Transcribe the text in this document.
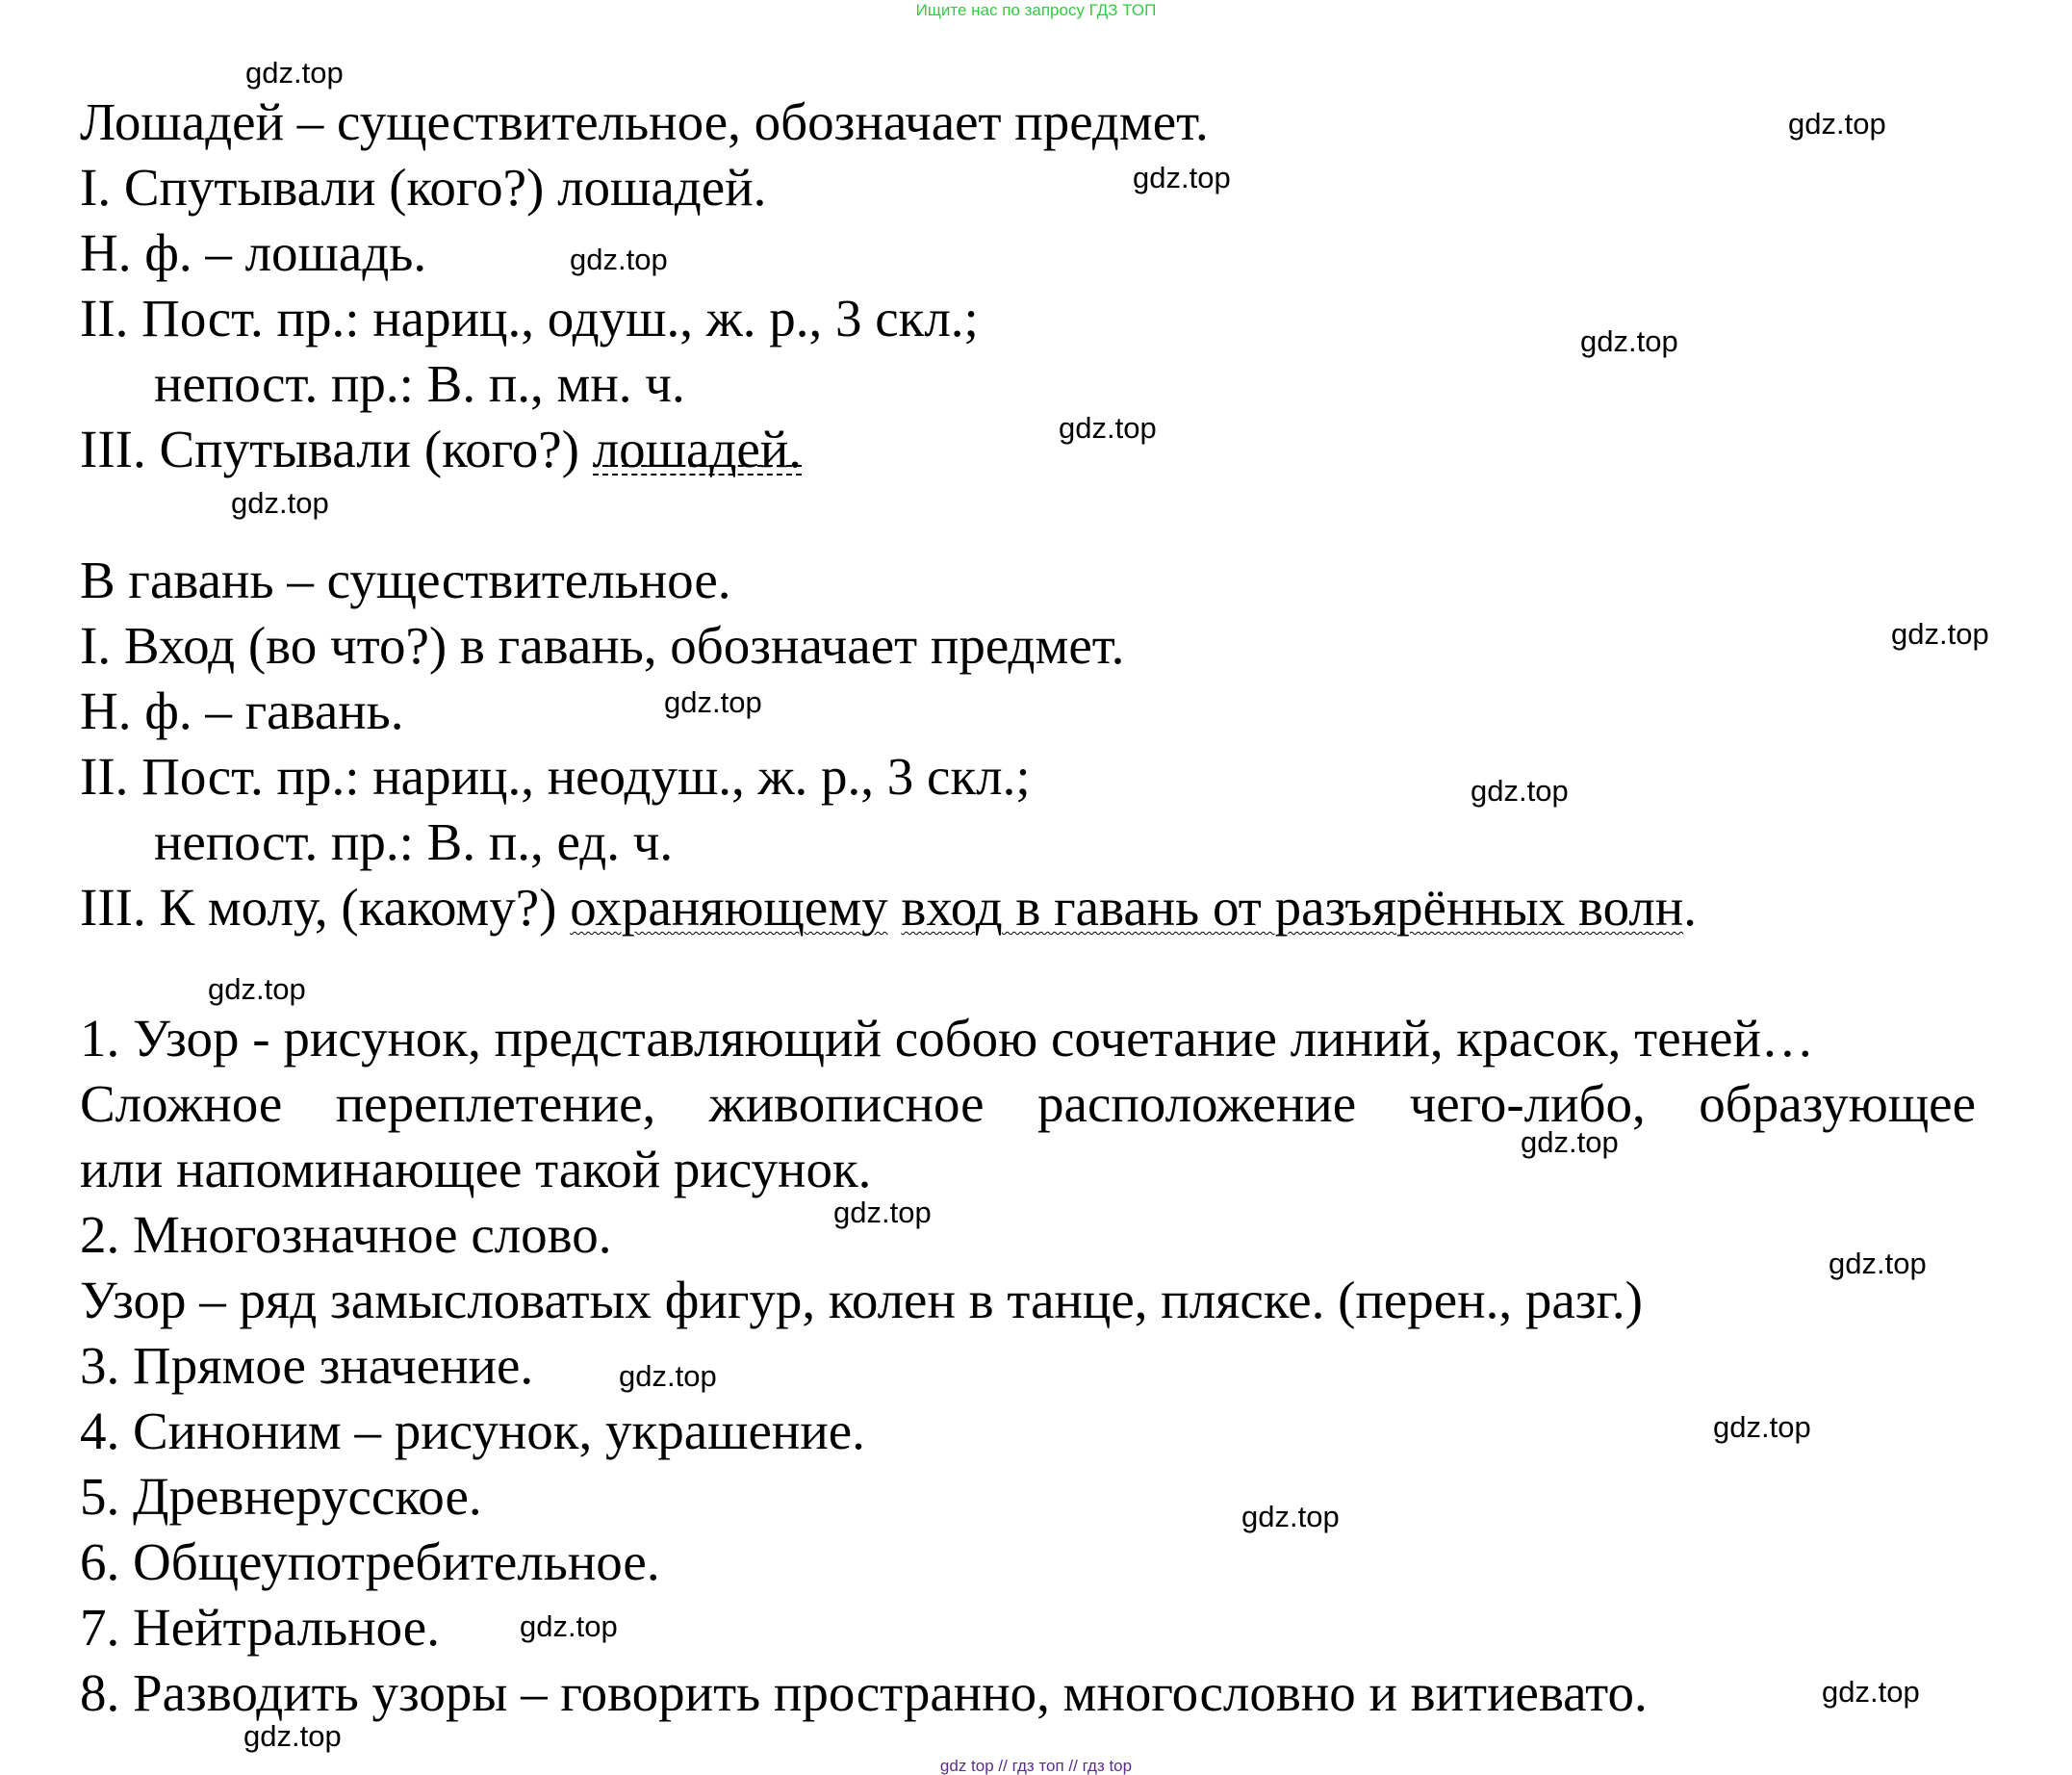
Ищите нас по запросу ГДЗ ТОП
gdz.top
gdz.top
gdz.top
gdz.top
gdz.top
gdz.top
gdz.top
gdz.top
gdz.top
gdz.top
gdz.top
gdz.top
gdz.top
gdz.top
gdz.top
gdz.top
gdz.top
gdz.top
gdz.top
gdz.top
Лошадей – существительное, обозначает предмет.
I. Спутывали (кого?) лошадей.
Н. ф. – лошадь.
II. Пост. пр.: нариц., одуш., ж. р., 3 скл.;
непост. пр.: В. п., мн. ч.
III. Спутывали (кого?) лошадей.
В гавань – существительное.
I. Вход (во что?) в гавань, обозначает предмет.
Н. ф. – гавань.
II. Пост. пр.: нариц., неодуш., ж. р., 3 скл.;
непост. пр.: В. п., ед. ч.
III. К молу, (какому?) охраняющему вход в гавань от разъярённых волн.
1. Узор - рисунок, представляющий собою сочетание линий, красок, теней…
Сложное переплетение, живописное расположение чего-либо, образующее
или напоминающее такой рисунок.
2. Многозначное слово.
Узор – ряд замысловатых фигур, колен в танце, пляске. (перен., разг.)
3. Прямое значение.
4. Синоним – рисунок, украшение.
5. Древнерусское.
6. Общеупотребительное.
7. Нейтральное.
8. Разводить узоры – говорить пространно, многословно и витиевато.
gdz top // гдз топ // гдз top
